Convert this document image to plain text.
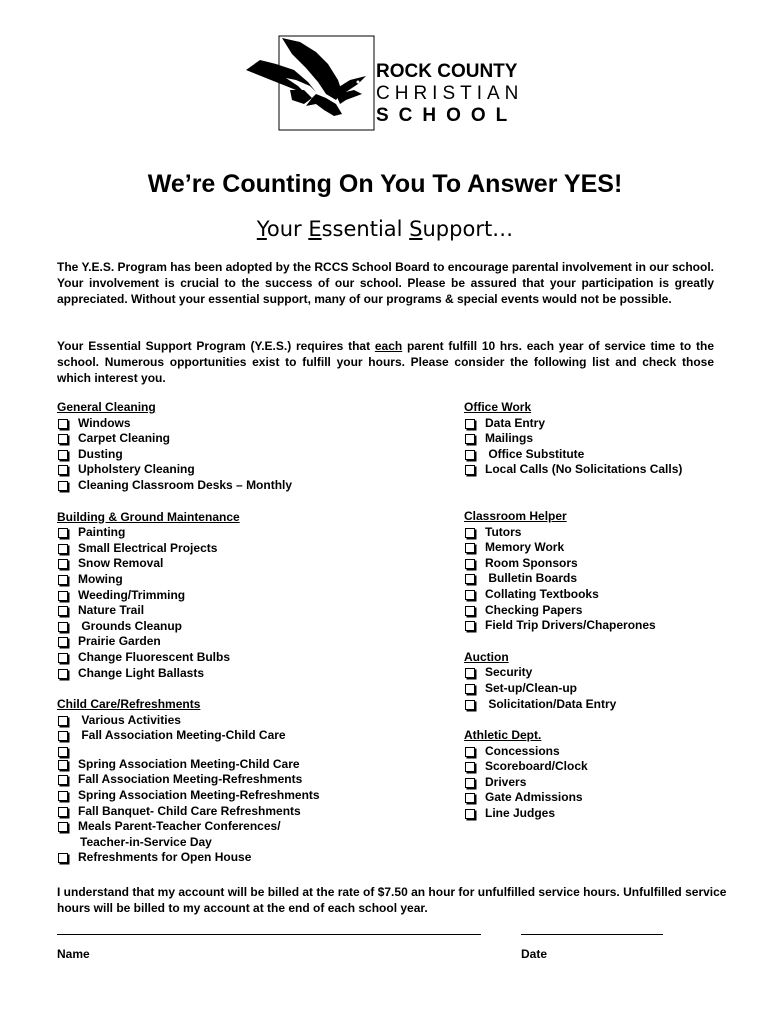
ROCK COUNTY
CHRISTIAN
SCHOOL
We’re Counting On You To Answer YES!
Your Essential Support…
The Y.E.S. Program has been adopted by the RCCS School Board to encourage parental involvement in our school. Your involvement is crucial to the success of our school. Please be assured that your participation is greatly appreciated. Without your essential support, many of our programs & special events would not be possible.
Your Essential Support Program (Y.E.S.) requires that each parent fulfill 10 hrs. each year of service time to the school. Numerous opportunities exist to fulfill your hours. Please consider the following list and check those which interest you.
General Cleaning
Windows
Carpet Cleaning
Dusting
Upholstery Cleaning
Cleaning Classroom Desks – Monthly
Building & Ground Maintenance
Painting
Small Electrical Projects
Snow Removal
Mowing
Weeding/Trimming
Nature Trail
Grounds Cleanup
Prairie Garden
Change Fluorescent Bulbs
Change Light Ballasts
Child Care/Refreshments
Various Activities
Fall Association Meeting-Child Care
Spring Association Meeting-Child Care
Fall Association Meeting-Refreshments
Spring Association Meeting-Refreshments
Fall Banquet- Child Care Refreshments
Meals Parent-Teacher Conferences/
Teacher-in-Service Day
Refreshments for Open House
Office Work
Data Entry
Mailings
Office Substitute
Local Calls (No Solicitations Calls)
Classroom Helper
Tutors
Memory Work
Room Sponsors
Bulletin Boards
Collating Textbooks
Checking Papers
Field Trip Drivers/Chaperones
Auction
Security
Set-up/Clean-up
Solicitation/Data Entry
Athletic Dept.
Concessions
Scoreboard/Clock
Drivers
Gate Admissions
Line Judges
I understand that my account will be billed at the rate of $7.50 an hour for unfulfilled service hours. Unfulfilled service hours will be billed to my account at the end of each school year.
Name	Date
